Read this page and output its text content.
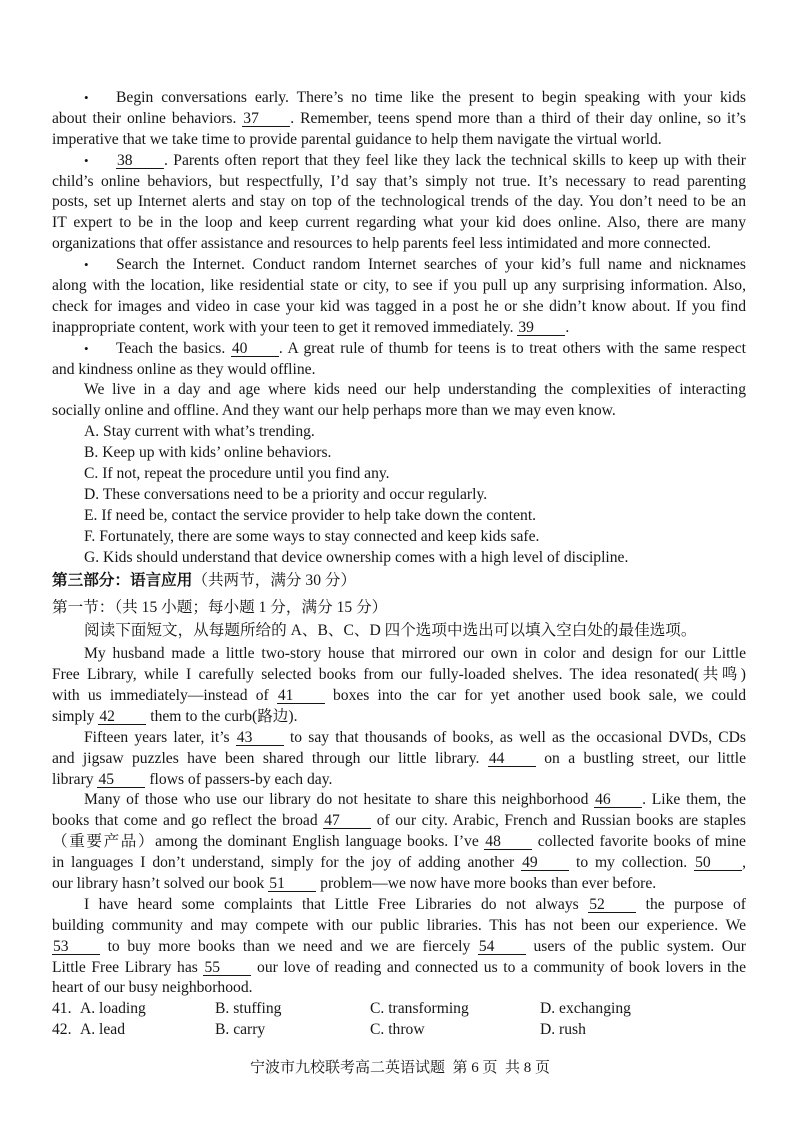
• Begin conversations early. There’s no time like the present to begin speaking with your kids
about their online behaviors. 37 . Remember, teens spend more than a third of their day online, so it’s
imperative that we take time to provide parental guidance to help them navigate the virtual world.
• 38 . Parents often report that they feel like they lack the technical skills to keep up with their
child’s online behaviors, but respectfully, I’d say that’s simply not true. It’s necessary to read parenting
posts, set up Internet alerts and stay on top of the technological trends of the day. You don’t need to be an
IT expert to be in the loop and keep current regarding what your kid does online. Also, there are many
organizations that offer assistance and resources to help parents feel less intimidated and more connected.
• Search the Internet. Conduct random Internet searches of your kid’s full name and nicknames
along with the location, like residential state or city, to see if you pull up any surprising information. Also,
check for images and video in case your kid was tagged in a post he or she didn’t know about. If you find
inappropriate content, work with your teen to get it removed immediately. 39 .
• Teach the basics. 40 . A great rule of thumb for teens is to treat others with the same respect
and kindness online as they would offline.
We live in a day and age where kids need our help understanding the complexities of interacting
socially online and offline. And they want our help perhaps more than we may even know.
A. Stay current with what’s trending.
B. Keep up with kids’ online behaviors.
C. If not, repeat the procedure until you find any.
D. These conversations need to be a priority and occur regularly.
E. If need be, contact the service provider to help take down the content.
F. Fortunately, there are some ways to stay connected and keep kids safe.
G. Kids should understand that device ownership comes with a high level of discipline.
第三部分：语言应用（共两节，满分 30 分）
第一节：（共 15 小题；每小题 1 分，满分 15 分）
阅读下面短文，从每题所给的 A、B、C、D 四个选项中选出可以填入空白处的最佳选项。
My husband made a little two-story house that mirrored our own in color and design for our Little
Free Library, while I carefully selected books from our fully-loaded shelves. The idea resonated(共鸣)
with us immediately—instead of 41 boxes into the car for yet another used book sale, we could
simply 42 them to the curb(路边).
Fifteen years later, it’s 43 to say that thousands of books, as well as the occasional DVDs, CDs
and jigsaw puzzles have been shared through our little library. 44 on a bustling street, our little
library 45 flows of passers-by each day.
Many of those who use our library do not hesitate to share this neighborhood 46 . Like them, the
books that come and go reflect the broad 47 of our city. Arabic, French and Russian books are staples
（重要产品）among the dominant English language books. I’ve 48 collected favorite books of mine
in languages I don’t understand, simply for the joy of adding another 49 to my collection. 50 ,
our library hasn’t solved our book 51 problem—we now have more books than ever before.
I have heard some complaints that Little Free Libraries do not always 52 the purpose of
building community and may compete with our public libraries. This has not been our experience. We
53 to buy more books than we need and we are fiercely 54 users of the public system. Our
Little Free Library has 55 our love of reading and connected us to a community of book lovers in the
heart of our busy neighborhood.
41. A. loading	B. stuffing	C. transforming	D. exchanging
42. A. lead	B. carry	C. throw	D. rush
宁波市九校联考高二英语试题  第 6 页  共 8 页
